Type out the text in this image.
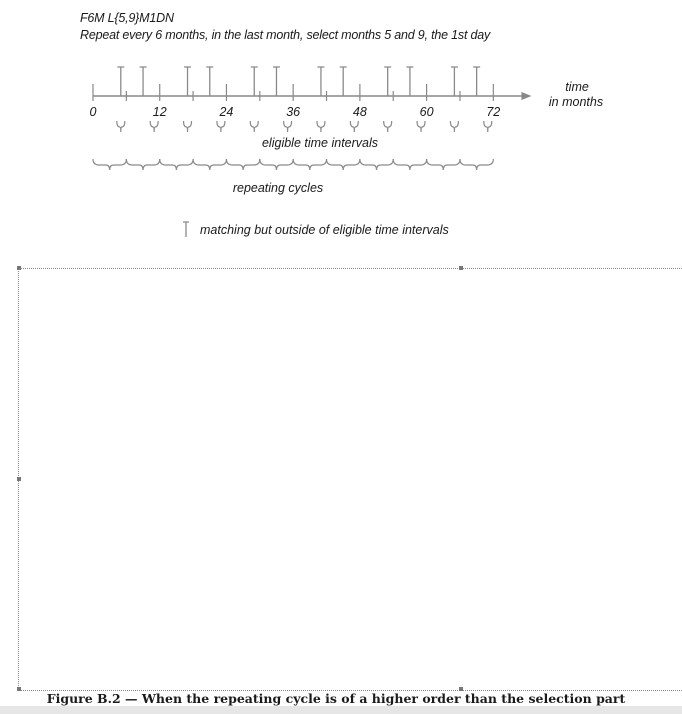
F6M L{5,9}M1DN
Repeat every 6 months, in the last month, select months 5 and 9, the 1st day
0	12	24	36	48	60	72
time
in months
eligible time intervals
repeating cycles
matching but outside of eligible time intervals
Figure B.2 — When the repeating cycle is of a higher order than the selection part
